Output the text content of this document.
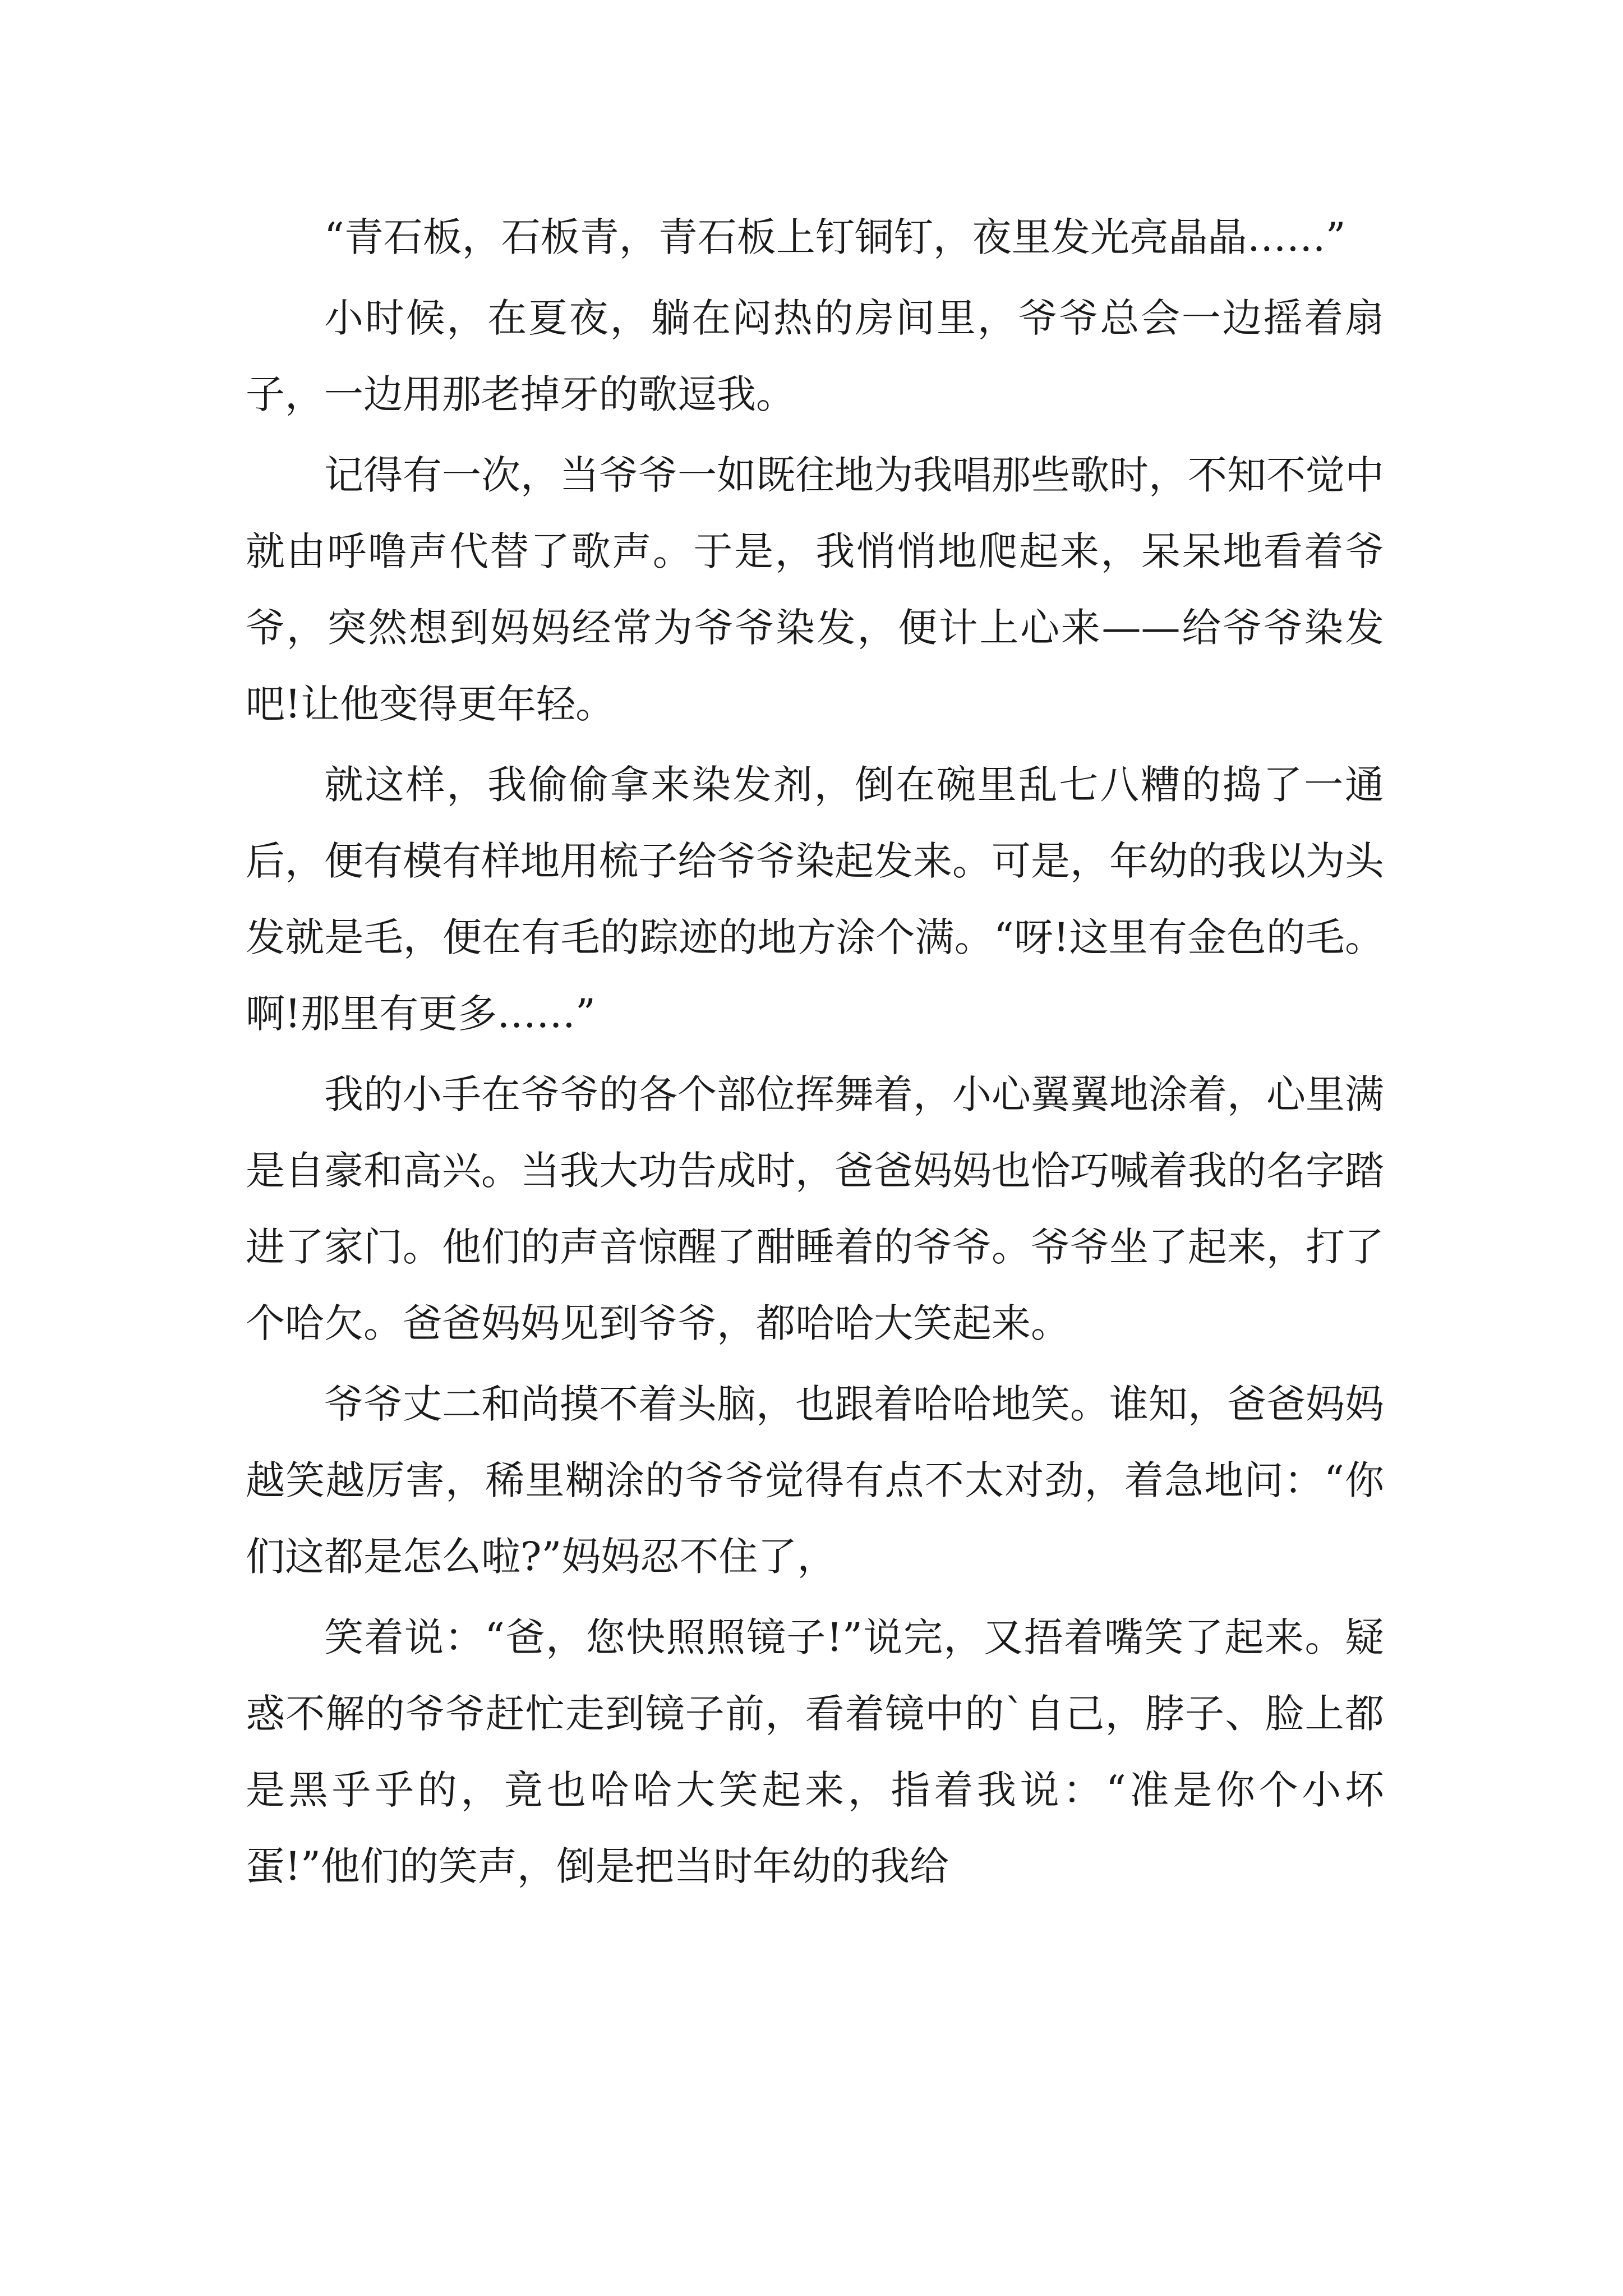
“青石板，石板青，青石板上钉铜钉，夜里发光亮晶晶……”

小时候，在夏夜，躺在闷热的房间里，爷爷总会一边摇着扇子，一边用那老掉牙的歌逗我。

记得有一次，当爷爷一如既往地为我唱那些歌时，不知不觉中就由呼噜声代替了歌声。于是，我悄悄地爬起来，呆呆地看着爷爷，突然想到妈妈经常为爷爷染发，便计上心来——给爷爷染发吧!让他变得更年轻。

就这样，我偷偷拿来染发剂，倒在碗里乱七八糟的捣了一通后，便有模有样地用梳子给爷爷染起发来。可是，年幼的我以为头发就是毛，便在有毛的踪迹的地方涂个满。“呀!这里有金色的毛。啊!那里有更多……”

我的小手在爷爷的各个部位挥舞着，小心翼翼地涂着，心里满是自豪和高兴。当我大功告成时，爸爸妈妈也恰巧喊着我的名字踏进了家门。他们的声音惊醒了酣睡着的爷爷。爷爷坐了起来，打了个哈欠。爸爸妈妈见到爷爷，都哈哈大笑起来。

爷爷丈二和尚摸不着头脑，也跟着哈哈地笑。谁知，爸爸妈妈越笑越厉害，稀里糊涂的爷爷觉得有点不太对劲，着急地问：“你们这都是怎么啦?”妈妈忍不住了，

笑着说：“爸，您快照照镜子!”说完，又捂着嘴笑了起来。疑惑不解的爷爷赶忙走到镜子前，看着镜中的`自己，脖子、脸上都是黑乎乎的，竟也哈哈大笑起来，指着我说：“准是你个小坏蛋!”他们的笑声，倒是把当时年幼的我给
